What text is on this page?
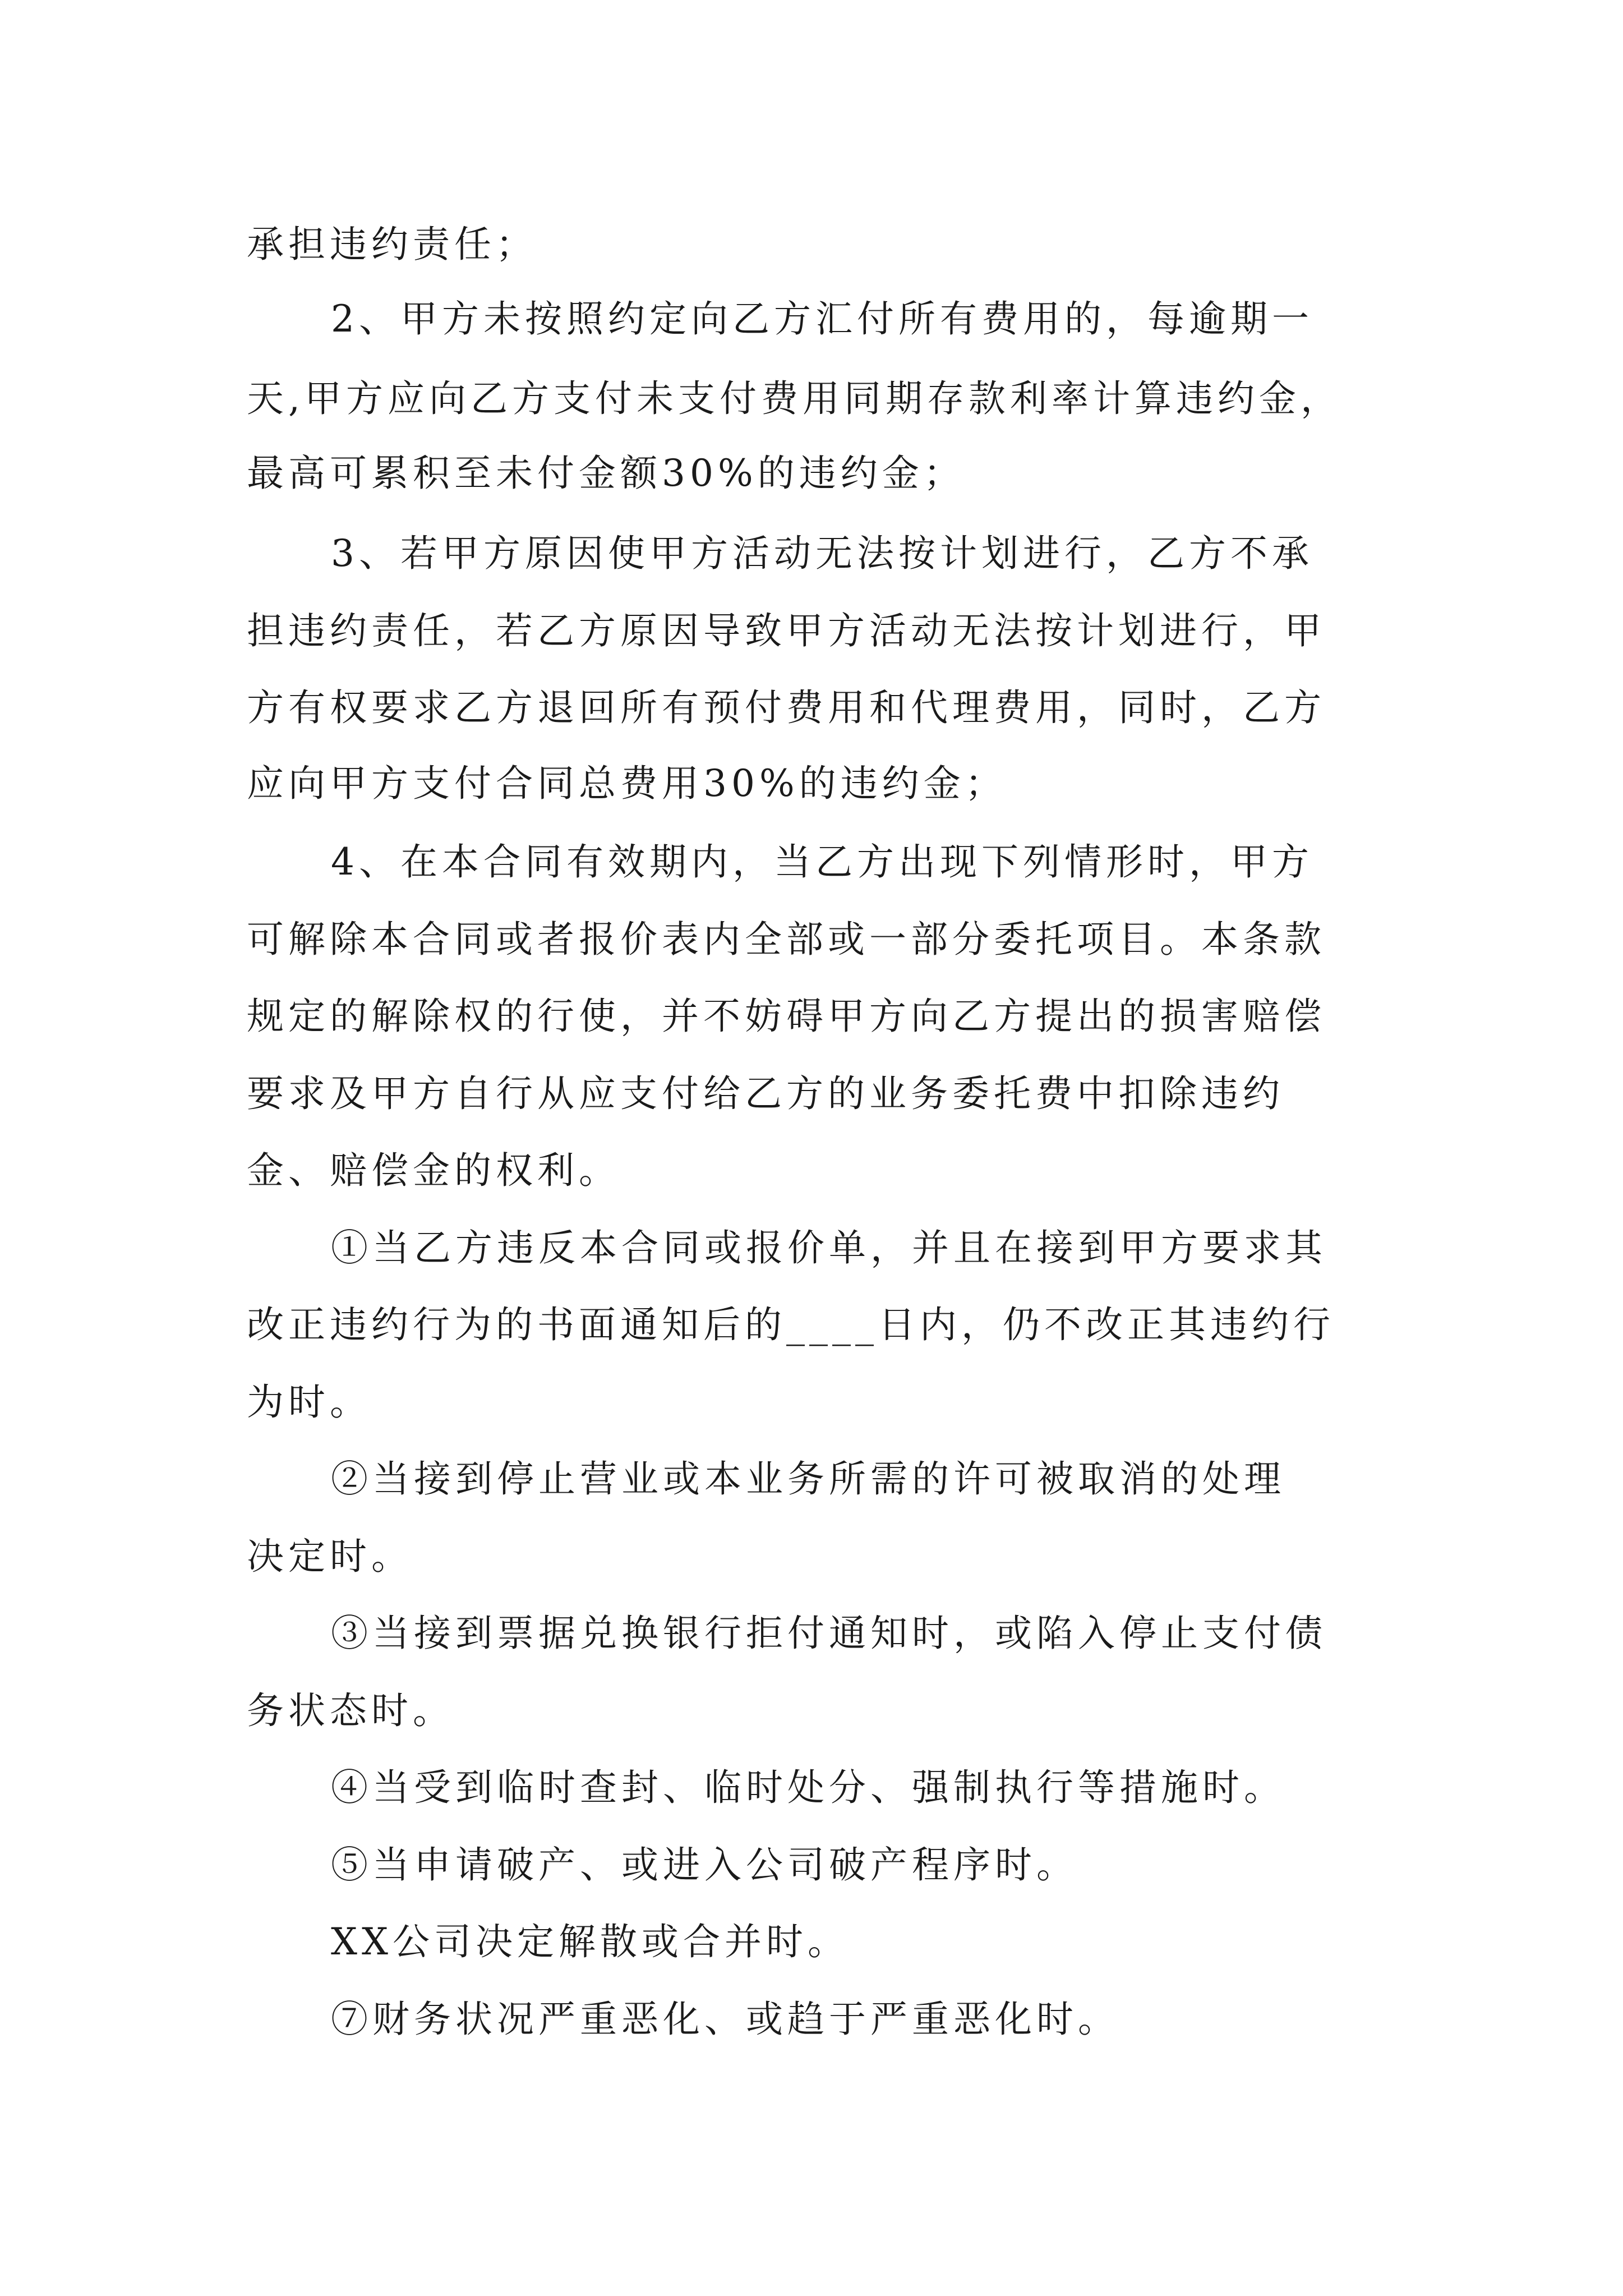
承担违约责任；
2、甲方未按照约定向乙方汇付所有费用的，每逾期一
天,甲方应向乙方支付未支付费用同期存款利率计算违约金，
最高可累积至未付金额30%的违约金；
3、若甲方原因使甲方活动无法按计划进行，乙方不承
担违约责任，若乙方原因导致甲方活动无法按计划进行，甲
方有权要求乙方退回所有预付费用和代理费用，同时，乙方
应向甲方支付合同总费用30%的违约金；
4、在本合同有效期内，当乙方出现下列情形时，甲方
可解除本合同或者报价表内全部或一部分委托项目。本条款
规定的解除权的行使，并不妨碍甲方向乙方提出的损害赔偿
要求及甲方自行从应支付给乙方的业务委托费中扣除违约
金、赔偿金的权利。
①当乙方违反本合同或报价单，并且在接到甲方要求其
改正违约行为的书面通知后的____日内，仍不改正其违约行
为时。
②当接到停止营业或本业务所需的许可被取消的处理
决定时。
③当接到票据兑换银行拒付通知时，或陷入停止支付债
务状态时。
④当受到临时查封、临时处分、强制执行等措施时。
⑤当申请破产、或进入公司破产程序时。
XX公司决定解散或合并时。
⑦财务状况严重恶化、或趋于严重恶化时。
